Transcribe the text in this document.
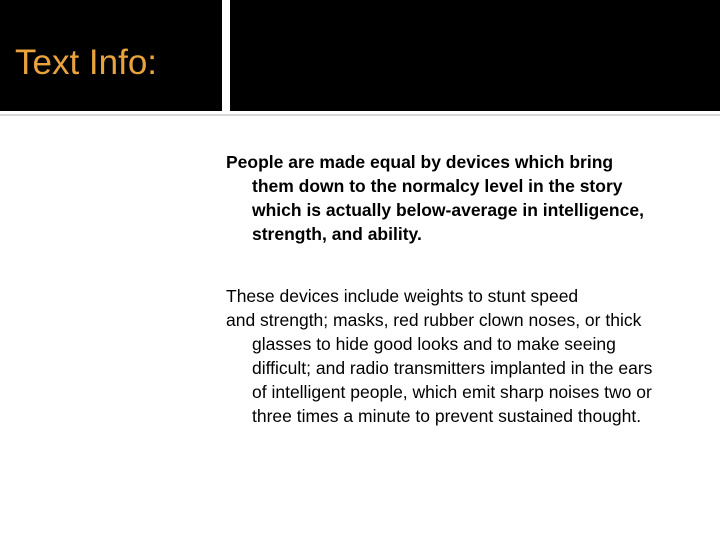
Text Info:
People are made equal by devices which bring
them down to the normalcy level in the story
which is actually below-average in intelligence,
strength, and ability.
These devices include weights to stunt speed
and strength; masks, red rubber clown noses, or thick
glasses to hide good looks and to make seeing
difficult; and radio transmitters implanted in the ears
of intelligent people, which emit sharp noises two or
three times a minute to prevent sustained thought.
